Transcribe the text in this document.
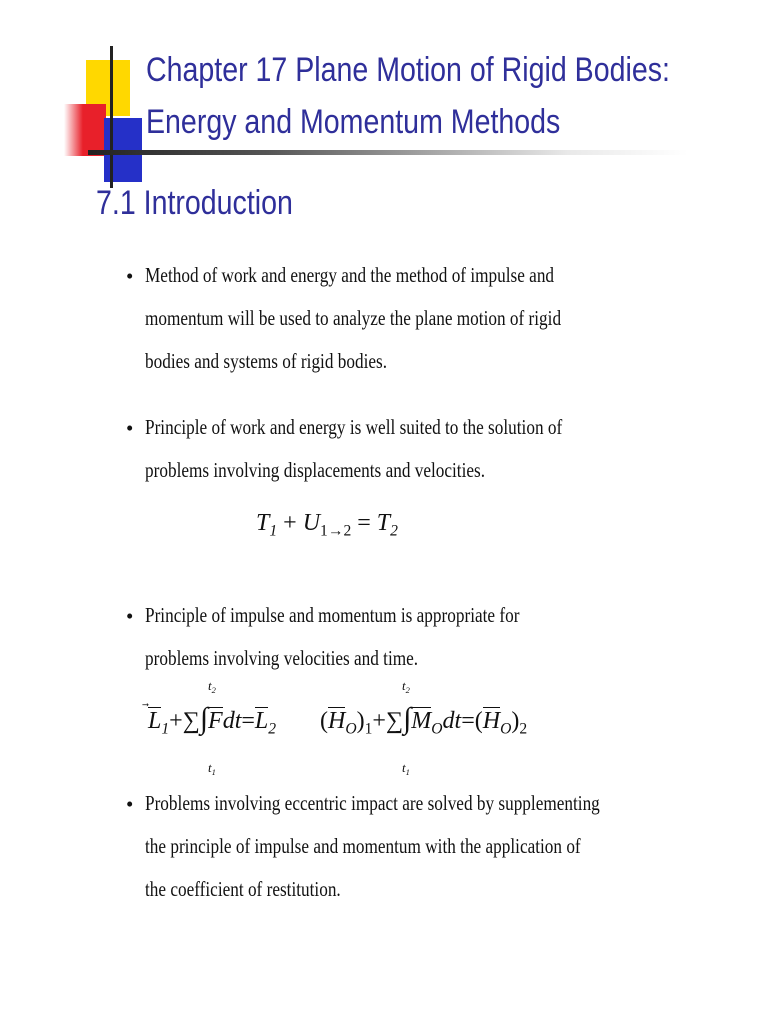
Chapter 17 Plane Motion of Rigid Bodies:
Energy and Momentum Methods
7.1 Introduction
• Method of work and energy and the method of impulse and
momentum will be used to analyze the plane motion of rigid
bodies and systems of rigid bodies.

• Principle of work and energy is well suited to the solution of
problems involving displacements and velocities.

$T_1 + U_{1\to 2} = T_2$
• Principle of impulse and momentum is appropriate for
problems involving velocities and time.

$t_2$
$t_1$
$L_1+\sum\int Fdt=L_2$
$t_2$
$t_1$
$(H_O)_1+\sum\int M_Odt=(H_O)_2$
• Problems involving eccentric impact are solved by supplementing
the principle of impulse and momentum with the application of
the coefficient of restitution.
